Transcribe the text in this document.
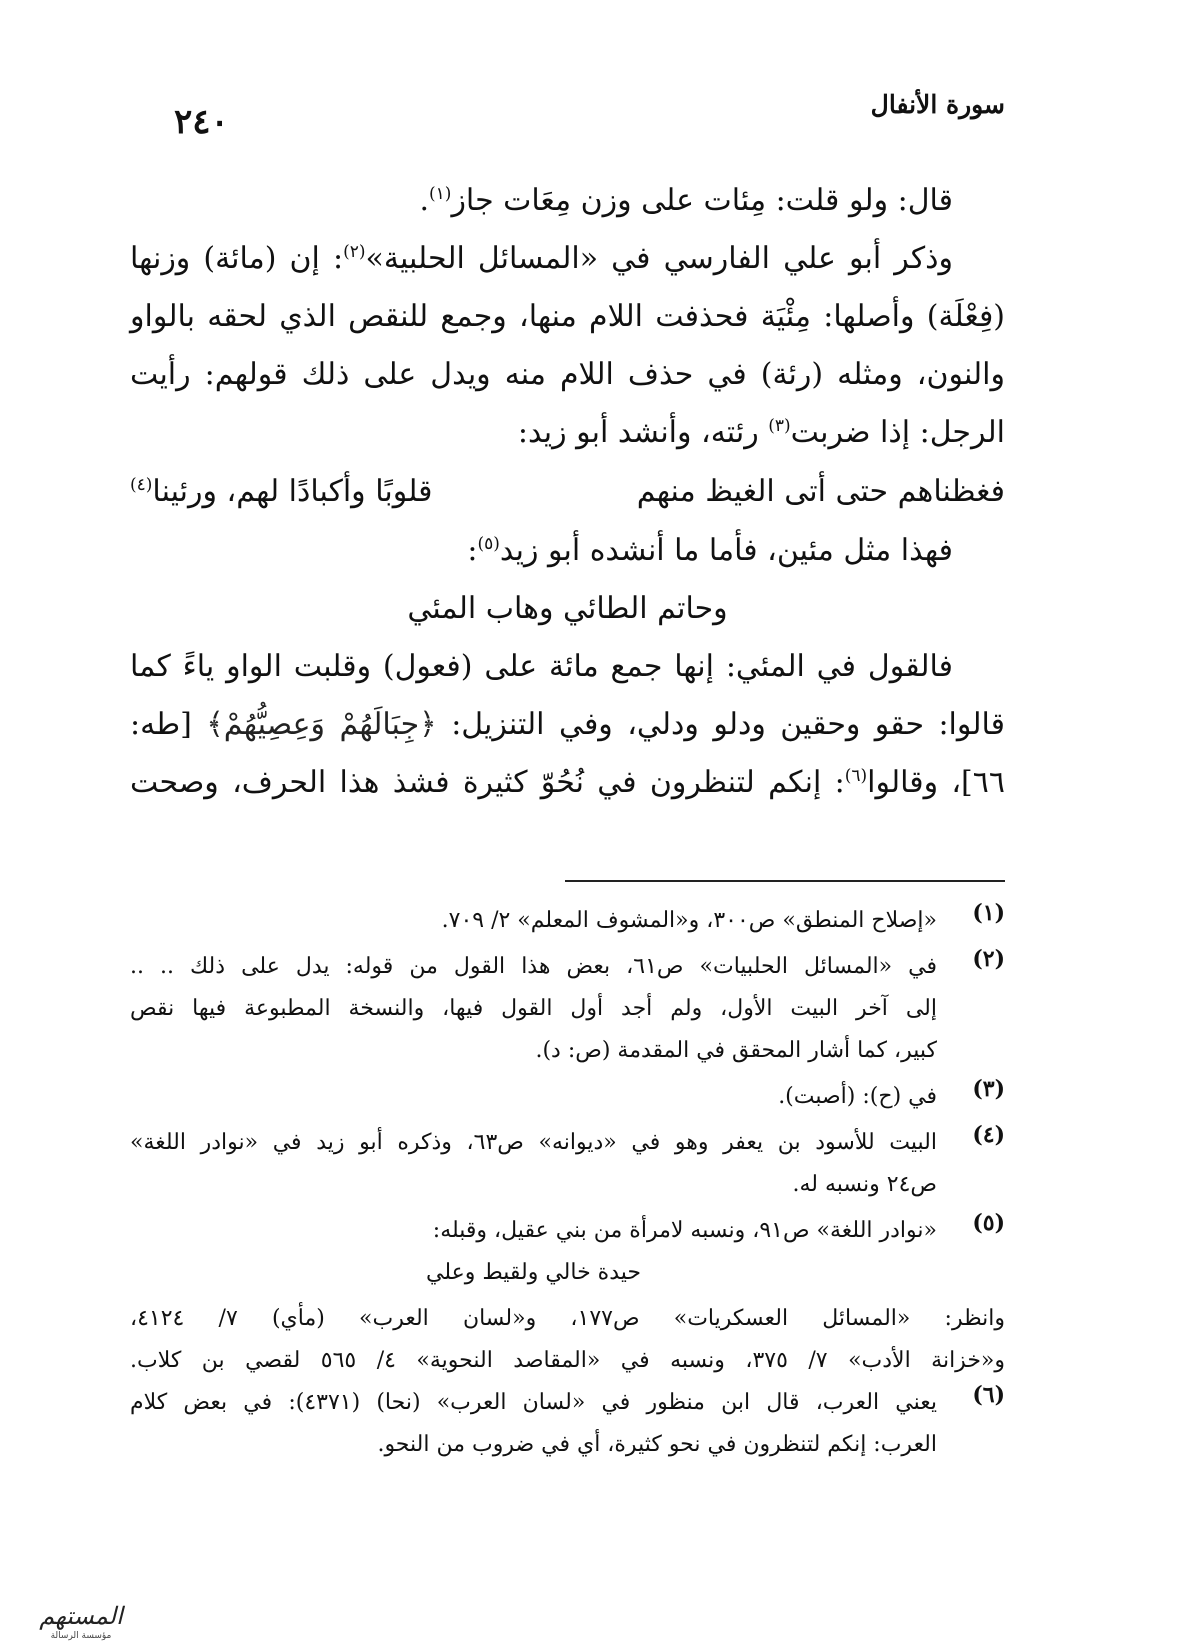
٢٤٠	سورة الأنفال
قال: ولو قلت: مِئات على وزن مِعَات جاز$^{(١)}$.
وذكر أبو علي الفارسي في «المسائل الحلبية»$^{(٢)}$: إن (مائة) وزنها
(فِعْلَة) وأصلها: مِئْيَة فحذفت اللام منها، وجمع للنقص الذي لحقه بالواو
والنون، ومثله (رئة) في حذف اللام منه ويدل على ذلك قولهم: رأيت
الرجل: إذا ضربت$^{(٣)}$ رئته، وأنشد أبو زيد:
فغظناهم حتى أتى الغيظ منهم
قلوبًا وأكبادًا لهم، ورئينا$^{(٤)}$
فهذا مثل مئين، فأما ما أنشده أبو زيد$^{(٥)}$:
وحاتم الطائي وهاب المئي
فالقول في المئي: إنها جمع مائة على (فعول) وقلبت الواو ياءً كما
قالوا: حقو وحقين ودلو ودلي، وفي التنزيل: ﴿جِبَالَهُمْ وَعِصِيُّهُمْ﴾ [طه:
٦٦]، وقالوا$^{(٦)}$: إنكم لتنظرون في نُحُوّ كثيرة فشذ هذا الحرف، وصحت
(١)
«إصلاح المنطق» ص٣٠٠، و«المشوف المعلم» ٢/ ٧٠٩.
(٢)
في «المسائل الحلبيات» ص٦١، بعض هذا القول من قوله: يدل على ذلك .. ..
إلى آخر البيت الأول، ولم أجد أول القول فيها، والنسخة المطبوعة فيها نقص
كبير، كما أشار المحقق في المقدمة (ص: د).
(٣)
في (ح): (أصبت).
(٤)
البيت للأسود بن يعفر وهو في «ديوانه» ص٦٣، وذكره أبو زيد في «نوادر اللغة»
ص٢٤ ونسبه له.
(٥)
«نوادر اللغة» ص٩١، ونسبه لامرأة من بني عقيل، وقبله:
حيدة خالي ولقيط وعلي
وانظر: «المسائل العسكريات» ص١٧٧، و«لسان العرب» (مأي) ٧/ ٤١٢٤،
و«خزانة الأدب» ٧/ ٣٧٥، ونسبه في «المقاصد النحوية» ٤/ ٥٦٥ لقصي بن كلاب.
(٦)
يعني العرب، قال ابن منظور في «لسان العرب» (نحا) (٤٣٧١): في بعض كلام
العرب: إنكم لتنظرون في نحو كثيرة، أي في ضروب من النحو.
المستهم
مؤسسة الرسالة
